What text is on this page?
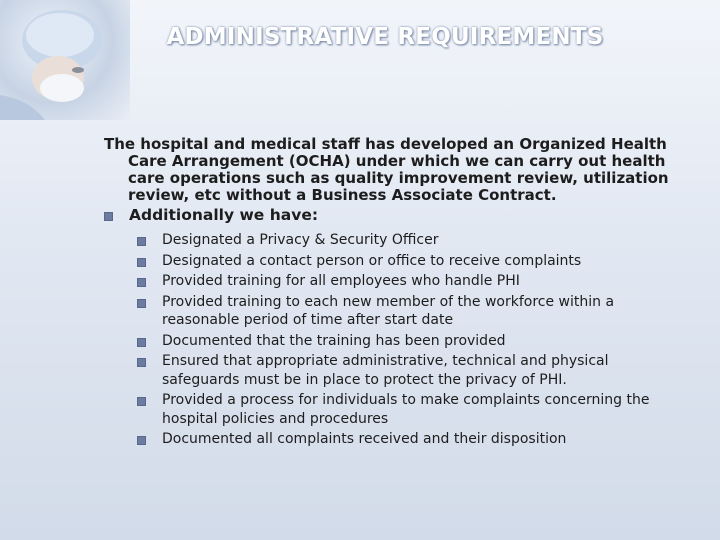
ADMINISTRATIVE REQUIREMENTS

The hospital and medical staff has developed an Organized Health Care Arrangement (OCHA) under which we can carry out health care operations such as quality improvement review, utilization review, etc without a Business Associate Contract.

Additionally we have:
Designated a Privacy & Security Officer
Designated a contact person or office to receive complaints
Provided training for all employees who handle PHI
Provided training to each new member of the workforce within a reasonable period of time after start date
Documented that the training has been provided
Ensured that appropriate administrative, technical and physical safeguards must be in place to protect the privacy of PHI.
Provided a process for individuals to make complaints concerning the hospital policies and procedures
Documented all complaints received and their disposition
